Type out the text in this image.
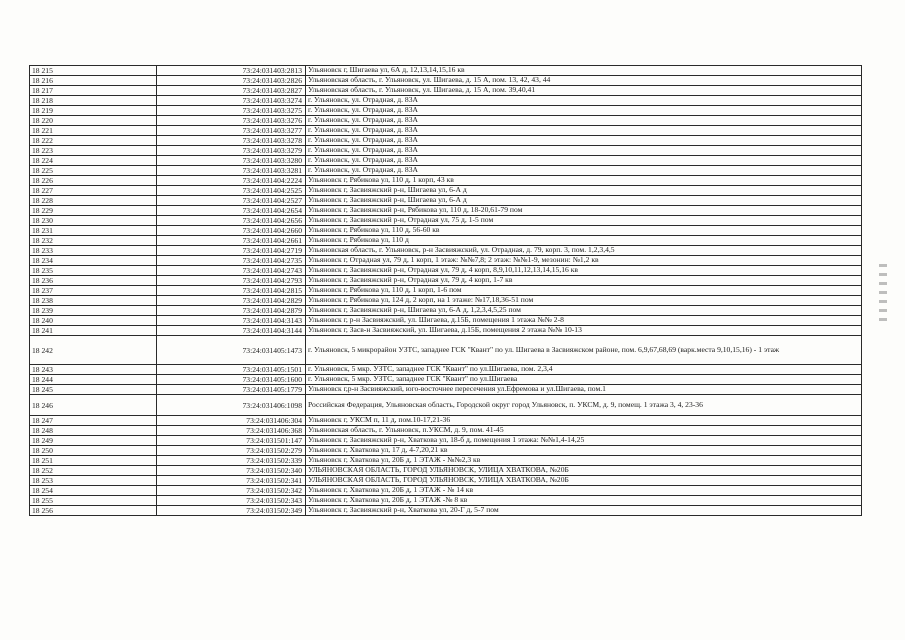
18 215	73:24:031403:2813	Ульяновск г, Шигаева ул, 6А д, 12,13,14,15,16 кв
18 216	73:24:031403:2826	Ульяновская область, г. Ульяновск, ул. Шигаева, д. 15 А, пом. 13, 42, 43, 44
18 217	73:24:031403:2827	Ульяновская область, г. Ульяновск, ул. Шигаева, д. 15 А, пом. 39,40,41
18 218	73:24:031403:3274	г. Ульяновск, ул. Отрадная, д. 83А
18 219	73:24:031403:3275	г. Ульяновск, ул. Отрадная, д. 83А
18 220	73:24:031403:3276	г. Ульяновск, ул. Отрадная, д. 83А
18 221	73:24:031403:3277	г. Ульяновск, ул. Отрадная, д. 83А
18 222	73:24:031403:3278	г. Ульяновск, ул. Отрадная, д. 83А
18 223	73:24:031403:3279	г. Ульяновск, ул. Отрадная, д. 83А
18 224	73:24:031403:3280	г. Ульяновск, ул. Отрадная, д. 83А
18 225	73:24:031403:3281	г. Ульяновск, ул. Отрадная, д. 83А
18 226	73:24:031404:2224	Ульяновск г, Рябикова ул, 110 д, 1 корп, 43 кв
18 227	73:24:031404:2525	Ульяновск г, Засвияжский р-н, Шигаева ул, 6-А д
18 228	73:24:031404:2527	Ульяновск г, Засвияжский р-н, Шигаева ул, 6-А д
18 229	73:24:031404:2654	Ульяновск г, Засвияжский р-н, Рябикова ул, 110 д, 18-20,61-79 пом
18 230	73:24:031404:2656	Ульяновск г, Засвияжский р-н, Отрадная ул, 75 д, 1-5 пом
18 231	73:24:031404:2660	Ульяновск г, Рябикова ул, 110 д, 56-60 кв
18 232	73:24:031404:2661	Ульяновск г, Рябикова ул, 110 д
18 233	73:24:031404:2719	Ульяновская область, г. Ульяновск, р-н Засвияжский, ул. Отрадная, д. 79, корп. 3, пом. 1,2,3,4,5
18 234	73:24:031404:2735	Ульяновск г, Отрадная ул, 79 д, 1 корп, 1 этаж: №№7,8; 2 этаж: №№1-9, мезонин: №1,2 кв
18 235	73:24:031404:2743	Ульяновск г, Засвияжский р-н, Отрадная ул, 79 д, 4 корп, 8,9,10,11,12,13,14,15,16 кв
18 236	73:24:031404:2793	Ульяновск г, Засвияжский р-н, Отрадная ул, 79 д, 4 корп, 1-7 кв
18 237	73:24:031404:2815	Ульяновск г, Рябикова ул, 110 д, 1 корп, 1-6 пом
18 238	73:24:031404:2829	Ульяновск г, Рябикова ул, 124 д, 2 корп, на 1 этаже: №17,18,36-51 пом
18 239	73:24:031404:2879	Ульяновск г, Засвияжский р-н, Шигаева ул, 6-А д, 1,2,3,4,5,25 пом
18 240	73:24:031404:3143	Ульяновск г, р-н Засвияжский, ул. Шигаева, д.15Б, помещения 1 этажа №№ 2-8
18 241	73:24:031404:3144	Ульяновск г, Засв-н Засвияжский, ул. Шигаева, д.15Б, помещения 2 этажа №№ 10-13
18 242	73:24:031405:1473	г. Ульяновск, 5 микрорайон УЗТС, западнее ГСК "Квант" по ул. Шигаева в Засвияжском районе, пом. 6,9,67,68,69 (варк.места 9,10,15,16) - 1 этаж
18 243	73:24:031405:1501	г. Ульяновск, 5 мкр. УЗТС, западнее ГСК "Квант" по ул.Шигаева, пом. 2,3,4
18 244	73:24:031405:1600	г. Ульяновск, 5 мкр. УЗТС, западнее ГСК "Квант" по ул.Шигаева
18 245	73:24:031405:1779	Ульяновск г,р-н Засвияжский, юго-восточнее пересечения ул.Ефремова и ул.Шигаева, пом.1
18 246	73:24:031406:1098	Российская Федерация, Ульяновская область, Городской округ город Ульяновск, п. УКСМ, д. 9, помещ. 1 этажа 3, 4, 23-36
18 247	73:24:031406:304	Ульяновск г, УКСМ п, 11 д, пом.10-17,21-36
18 248	73:24:031406:368	Ульяновская область, г. Ульяновск, п.УКСМ, д. 9, пом. 41-45
18 249	73:24:031501:147	Ульяновск г, Засвияжский р-н, Хваткова ул, 18-б д, помещения 1 этажа: №№1,4-14,25
18 250	73:24:031502:279	Ульяновск г, Хваткова ул, 17 д, 4-7,20,21 кв
18 251	73:24:031502:339	Ульяновск г, Хваткова ул, 20Б д, 1 ЭТАЖ - №№2,3 кв
18 252	73:24:031502:340	УЛЬЯНОВСКАЯ ОБЛАСТЬ, ГОРОД УЛЬЯНОВСК, УЛИЦА ХВАТКОВА, №20Б
18 253	73:24:031502:341	УЛЬЯНОВСКАЯ ОБЛАСТЬ, ГОРОД УЛЬЯНОВСК, УЛИЦА ХВАТКОВА, №20Б
18 254	73:24:031502:342	Ульяновск г, Хваткова ул, 20Б д, 1 ЭТАЖ - № 14 кв
18 255	73:24:031502:343	Ульяновск г, Хваткова ул, 20Б д, 1 ЭТАЖ -№ 8 кв
18 256	73:24:031502:349	Ульяновск г, Засвияжский р-н, Хваткова ул, 20-Г д, 5-7 пом
